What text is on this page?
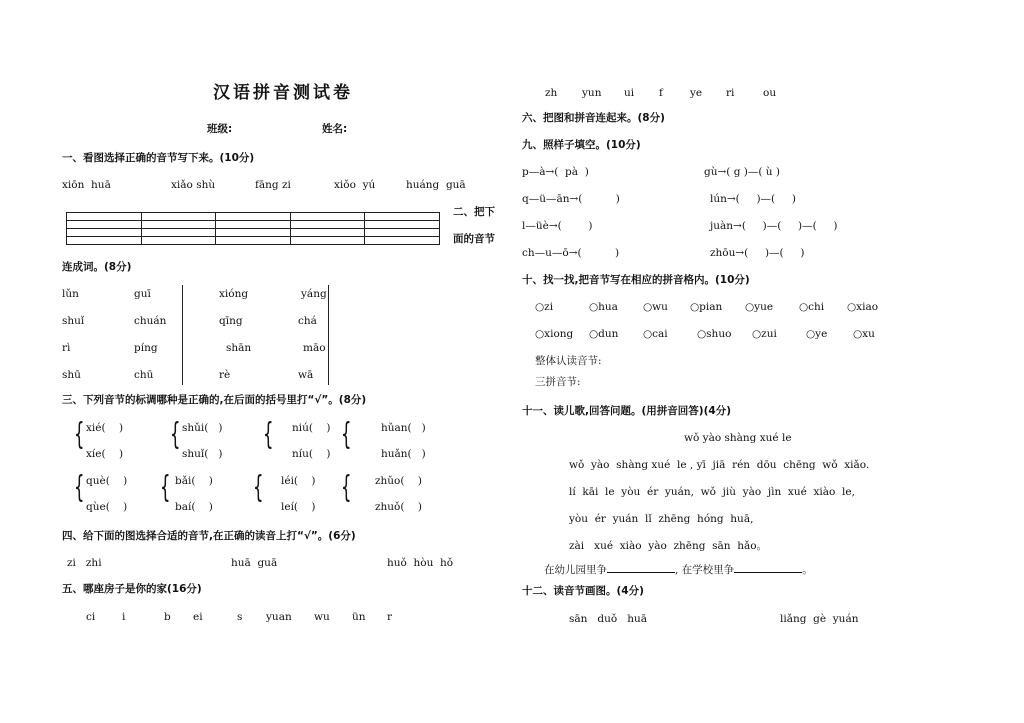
汉语拼音测试卷
班级:	姓名:
一、看图选择正确的音节写下来。(10分)
xiōn  huā	xiǎo shù	fāng zi	xiǒo  yú	huáng  guā

二、把下
面的音节
连成词。(8分)
lǔn	guī	xióng	yáng
shuǐ	chuán	qīng	chá
rì	píng	shān	māo
shū	chū	rè	wā
三、下列音节的标调哪种是正确的,在后面的括号里打“√”。(8分)
{ xié(    )
xíe(    )
{ shǔi(   )
shuǐ(   )
{ niú(    )
níu(    )
{	hǔan(   )
huǎn(   )
{ què(    )
qùe(    )
{ bǎi(    )
baí(    )
{ léi(    )
leí(    )
{ zhǔo(    )
zhuǒ(    )
四、给下面的图选择合适的音节,在正确的读音上打“√”。(6分)
zi   zhi	huā  guā	huǒ  hòu  hǒ
五、哪座房子是你的家(16分)
ci	i	b ei	s yuan wu ün r
zh yun ui f	ye ri	ou
六、把图和拼音连起来。(8分)
九、照样子填空。(10分)
p—à→(  pà  )
q—ü—ān→(          )
l—üè→(        )
ch—u—ō→(          )
gù→( g )—( ù )
lún→(     )—(     )
juàn→(     )—(     )—(     )
zhōu→(     )—(     )
十、找一找,把音节写在相应的拼音格内。(10分)
○zi	○hua ○wu ○pian ○yue ○chi ○xiao
○xiong ○dun ○cai	○shuo ○zui	○ye ○xu
整体认读音节:
三拼音节:
十一、读儿歌,回答问题。(用拼音回答)(4分)
wǒ yào shàng xué le
wǒ  yào  shàng xué  le , yī  jiā  rén  dōu  chēng  wǒ  xiǎo.
lí  kāi  le  yòu  ér  yuán,  wǒ  jiù  yào  jìn  xué  xiào  le,
yòu  ér  yuán  lǐ  zhēng  hóng  huā,
zài   xué  xiào  yào  zhēng  sān  hǎo。
在幼儿园里争	, 在学校里争	。
十二、读音节画图。(4分)
sān   duǒ   huā	liǎng  gè  yuán
